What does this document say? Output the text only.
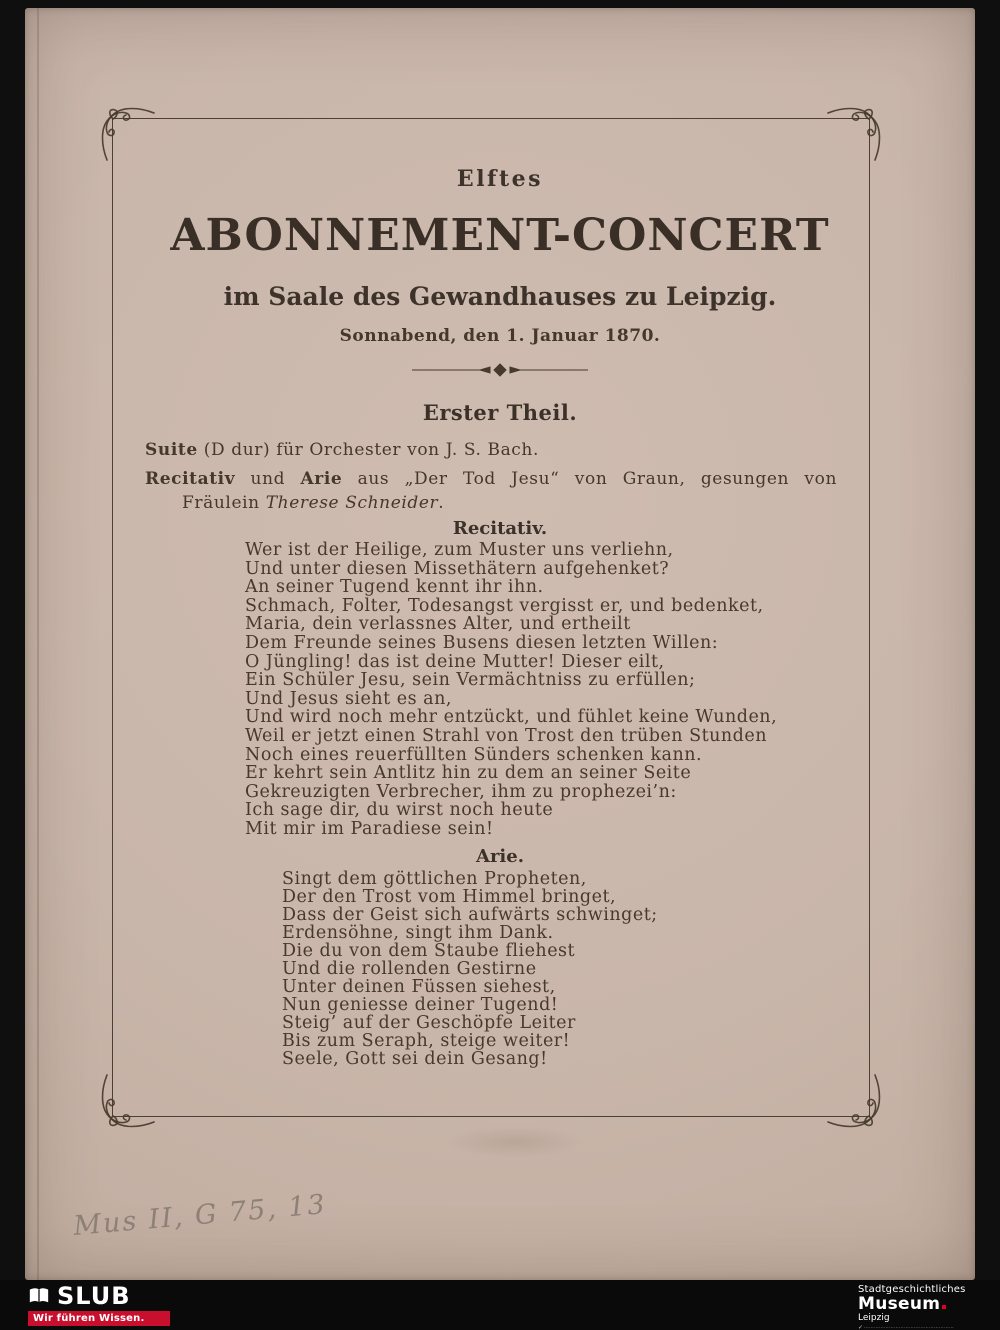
Elftes
ABONNEMENT-CONCERT
im Saale des Gewandhauses zu Leipzig.
Sonnabend, den 1. Januar 1870.
Erster Theil.
Suite (D dur) für Orchester von J. S. Bach.
Recitativ und Arie aus „Der Tod Jesu“ von Graun, gesungen von
Fräulein Therese Schneider.
Recitativ.
Wer ist der Heilige, zum Muster uns verliehn,
Und unter diesen Missethätern aufgehenket?
An seiner Tugend kennt ihr ihn.
Schmach, Folter, Todesangst vergisst er, und bedenket,
Maria, dein verlassnes Alter, und ertheilt
Dem Freunde seines Busens diesen letzten Willen:
O Jüngling! das ist deine Mutter! Dieser eilt,
Ein Schüler Jesu, sein Vermächtniss zu erfüllen;
Und Jesus sieht es an,
Und wird noch mehr entzückt, und fühlet keine Wunden,
Weil er jetzt einen Strahl von Trost den trüben Stunden
Noch eines reuerfüllten Sünders schenken kann.
Er kehrt sein Antlitz hin zu dem an seiner Seite
Gekreuzigten Verbrecher, ihm zu prophezei’n:
Ich sage dir, du wirst noch heute
Mit mir im Paradiese sein!
Arie.
Singt dem göttlichen Propheten,
Der den Trost vom Himmel bringet,
Dass der Geist sich aufwärts schwinget;
Erdensöhne, singt ihm Dank.
Die du von dem Staube fliehest
Und die rollenden Gestirne
Unter deinen Füssen siehest,
Nun geniesse deiner Tugend!
Steig’ auf der Geschöpfe Leiter
Bis zum Seraph, steige weiter!
Seele, Gott sei dein Gesang!
Mus II, G 75, 13
SLUB
Wir führen Wissen.
Stadtgeschichtliches
Museum
Leipzig
✓⋯⋯⋯⋯⋯⋯⋯⋯⋯⋯⋯⋯⋯⋯⋯⋯⋯⋯
